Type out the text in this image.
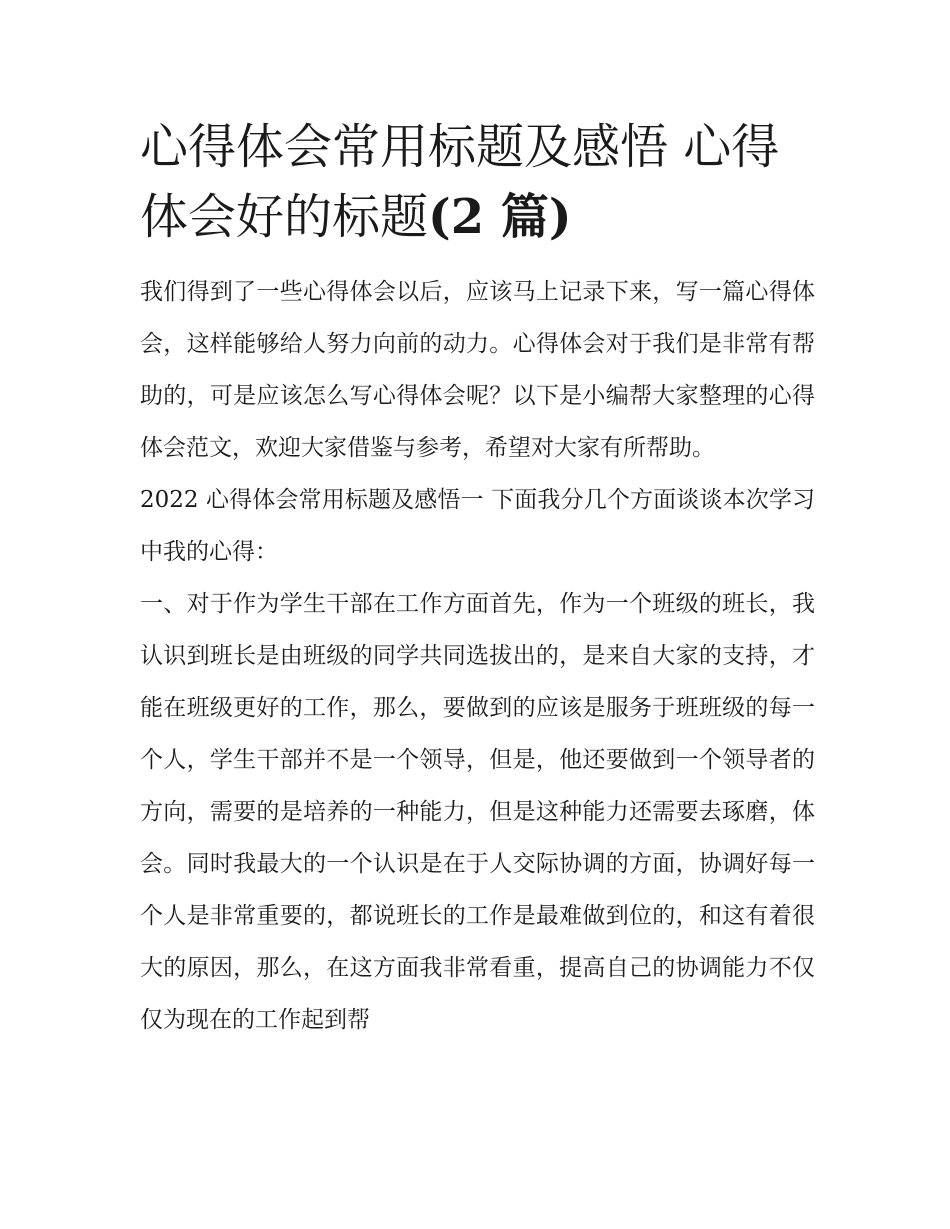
心得体会常用标题及感悟 心得体会好的标题(2 篇)

我们得到了一些心得体会以后，应该马上记录下来，写一篇心得体会，这样能够给人努力向前的动力。心得体会对于我们是非常有帮助的，可是应该怎么写心得体会呢？以下是小编帮大家整理的心得体会范文，欢迎大家借鉴与参考，希望对大家有所帮助。

2022 心得体会常用标题及感悟一 下面我分几个方面谈谈本次学习中我的心得：

一、对于作为学生干部在工作方面首先，作为一个班级的班长，我认识到班长是由班级的同学共同选拔出的，是来自大家的支持，才能在班级更好的工作，那么，要做到的应该是服务于班班级的每一个人，学生干部并不是一个领导，但是，他还要做到一个领导者的方向，需要的是培养的一种能力，但是这种能力还需要去琢磨，体会。同时我最大的一个认识是在于人交际协调的方面，协调好每一个人是非常重要的，都说班长的工作是最难做到位的，和这有着很大的原因，那么，在这方面我非常看重，提高自己的协调能力不仅仅为现在的工作起到帮
